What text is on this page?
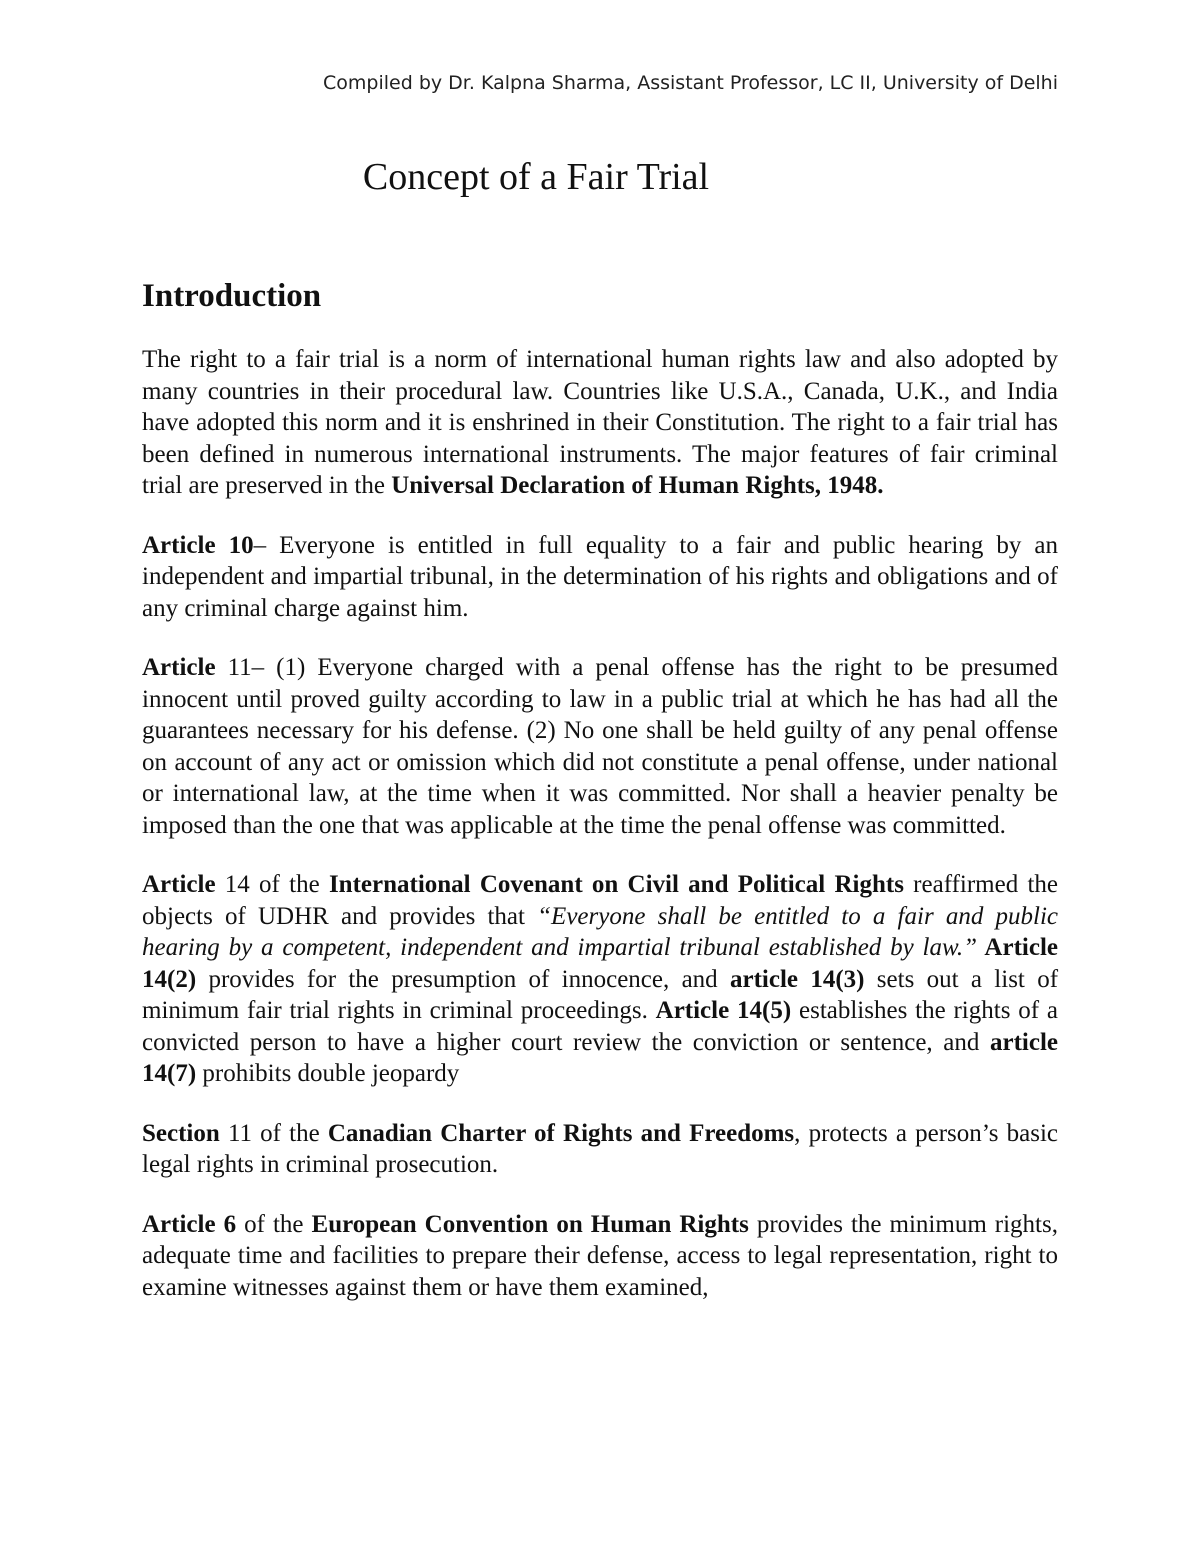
Compiled by Dr. Kalpna Sharma, Assistant Professor, LC II, University of Delhi
Concept of a Fair Trial
Introduction

The right to a fair trial is a norm of international human rights law and also adopted by many countries in their procedural law. Countries like U.S.A., Canada, U.K., and India have adopted this norm and it is enshrined in their Constitution. The right to a fair trial has been defined in numerous international instruments. The major features of fair criminal trial are preserved in the Universal Declaration of Human Rights, 1948.

Article 10– Everyone is entitled in full equality to a fair and public hearing by an independent and impartial tribunal, in the determination of his rights and obligations and of any criminal charge against him.

Article 11– (1) Everyone charged with a penal offense has the right to be presumed innocent until proved guilty according to law in a public trial at which he has had all the guarantees necessary for his defense. (2) No one shall be held guilty of any penal offense on account of any act or omission which did not constitute a penal offense, under national or international law, at the time when it was committed. Nor shall a heavier penalty be imposed than the one that was applicable at the time the penal offense was committed.

Article 14 of the International Covenant on Civil and Political Rights reaffirmed the objects of UDHR and provides that “Everyone shall be entitled to a fair and public hearing by a competent, independent and impartial tribunal established by law.” Article 14(2) provides for the presumption of innocence, and article 14(3) sets out a list of minimum fair trial rights in criminal proceedings. Article 14(5) establishes the rights of a convicted person to have a higher court review the conviction or sentence, and article 14(7) prohibits double jeopardy

Section 11 of the Canadian Charter of Rights and Freedoms, protects a person’s basic legal rights in criminal prosecution.

Article 6 of the European Convention on Human Rights provides the minimum rights, adequate time and facilities to prepare their defense, access to legal representation, right to examine witnesses against them or have them examined,
